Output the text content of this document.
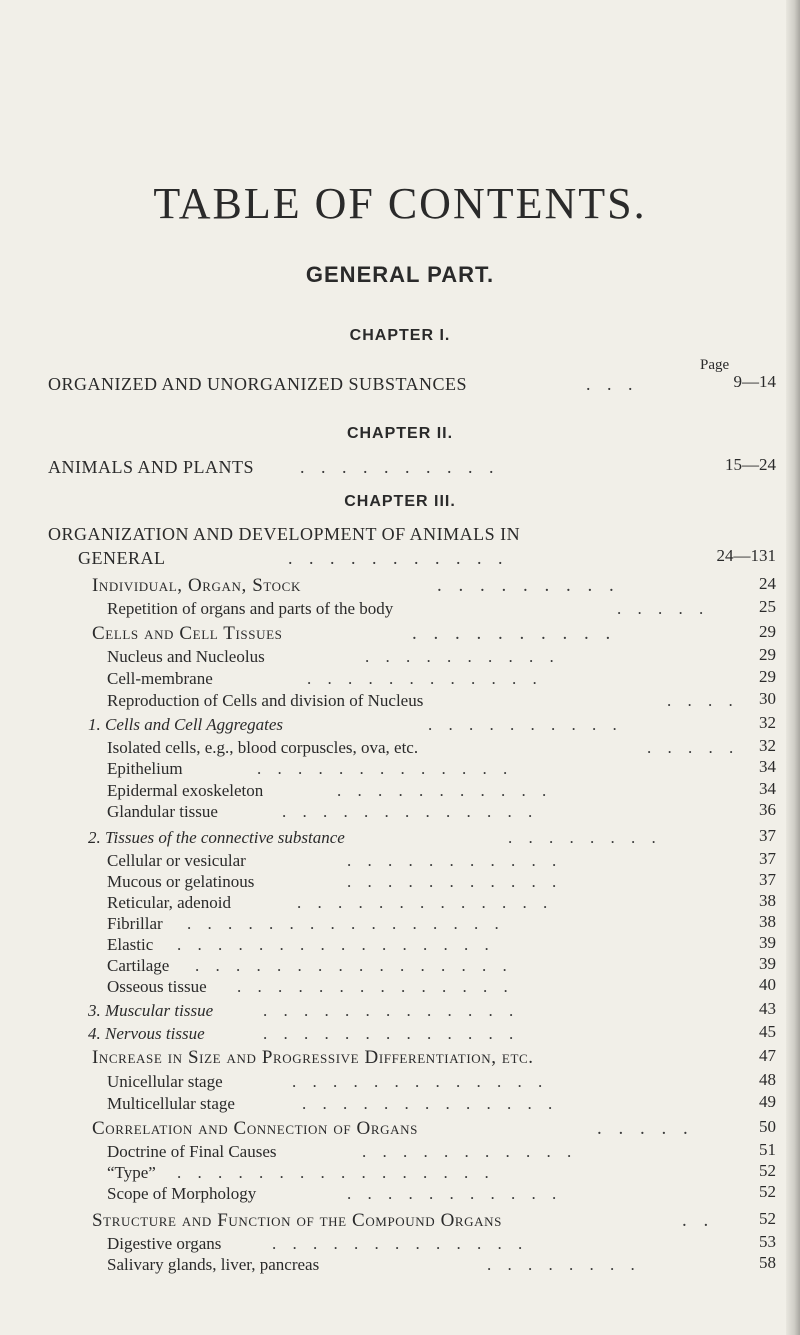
TABLE OF CONTENTS.
GENERAL PART.
CHAPTER I.
Page
ORGANIZED AND UNORGANIZED SUBSTANCES	. . .	9—14
CHAPTER II.
ANIMALS AND PLANTS	. . . . . . . . . .	15—24
CHAPTER III.
ORGANIZATION AND DEVELOPMENT OF ANIMALS IN
GENERAL	. . . . . . . . . . .	24—131
Individual, Organ, Stock	. . . . . . . . .	24
Repetition of organs and parts of the body	. . . . .	25
Cells and Cell Tissues	. . . . . . . . . .	29
Nucleus and Nucleolus	. . . . . . . . . .	29
Cell-membrane	. . . . . . . . . . . .	29
Reproduction of Cells and division of Nucleus	. . . . 30
1. Cells and Cell Aggregates	. . . . . . . . . .	32
Isolated cells, e.g., blood corpuscles, ova, etc.	. . . . . 32
Epithelium	. . . . . . . . . . . . .	34
Epidermal exoskeleton	. . . . . . . . . . .	34
Glandular tissue	. . . . . . . . . . . . .	36
2. Tissues of the connective substance	. . . . . . . .	37
Cellular or vesicular	. . . . . . . . . . .	37
Mucous or gelatinous	. . . . . . . . . . .	37
Reticular, adenoid	. . . . . . . . . . . . .	38
Fibrillar . . . . . . . . . . . . . . . .	38
Elastic . . . . . . . . . . . . . . . .	39
Cartilage . . . . . . . . . . . . . . . .	39
Osseous tissue . . . . . . . . . . . . . .	40
3. Muscular tissue	. . . . . . . . . . . . .	43
4. Nervous tissue	. . . . . . . . . . . . .	45
Increase in Size and Progressive Differentiation, etc.	47
Unicellular stage	. . . . . . . . . . . . .	48
Multicellular stage	. . . . . . . . . . . . .	49
Correlation and Connection of Organs	. . . . .	50
Doctrine of Final Causes	. . . . . . . . . . .	51
“Type” . . . . . . . . . . . . . . . .	52
Scope of Morphology	. . . . . . . . . . .	52
Structure and Function of the Compound Organs	. .	52
Digestive organs	. . . . . . . . . . . . .	53
Salivary glands, liver, pancreas	. . . . . . . .	58
